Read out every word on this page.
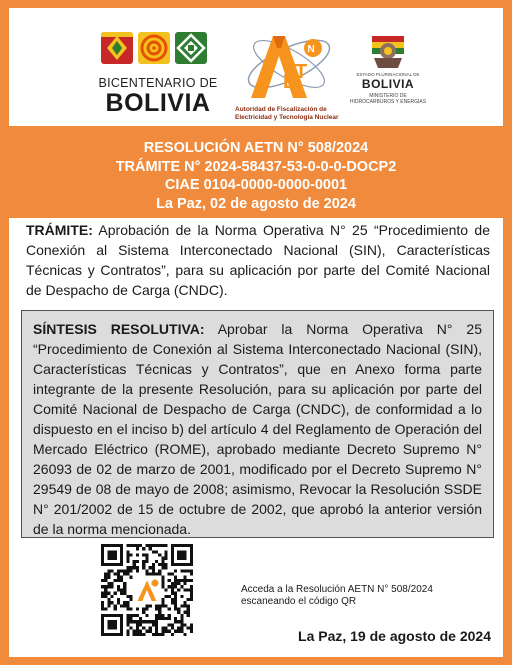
BICENTENARIO DE
BOLIVIA
E
T
N
Autoridad de Fiscalización de
Electricidad y Tecnología Nuclear
ESTADO PLURINACIONAL DE
BOLIVIA
MINISTERIO DE
HIDROCARBUROS Y ENERGÍAS
RESOLUCIÓN AETN N° 508/2024
TRÁMITE N° 2024-58437-53-0-0-0-DOCP2
CIAE 0104-0000-0000-0001
La Paz, 02 de agosto de 2024

TRÁMITE: Aprobación de la Norma Operativa N° 25 “Procedimiento de Conexión al Sistema Interconectado Nacional (SIN), Características Técnicas y Contratos”, para su aplicación por parte del Comité Nacional de Despacho de Carga (CNDC).

SÍNTESIS RESOLUTIVA: Aprobar la Norma Operativa N° 25 “Procedimiento de Conexión al Sistema Interconectado Nacional (SIN), Características Técnicas y Contratos”, que en Anexo forma parte integrante de la presente Resolución, para su aplicación por parte del Comité Nacional de Despacho de Carga (CNDC), de conformidad a lo dispuesto en el inciso b) del artículo 4 del Reglamento de Operación del Mercado Eléctrico (ROME), aprobado mediante Decreto Supremo N° 26093 de 02 de marzo de 2001, modificado por el Decreto Supremo N° 29549 de 08 de mayo de 2008; asimismo, Revocar la Resolución SSDE N° 201/2002 de 15 de octubre de 2002, que aprobó la anterior versión de la norma mencionada.

Acceda a la Resolución AETN N° 508/2024
escaneando el código QR
La Paz, 19 de agosto de 2024
